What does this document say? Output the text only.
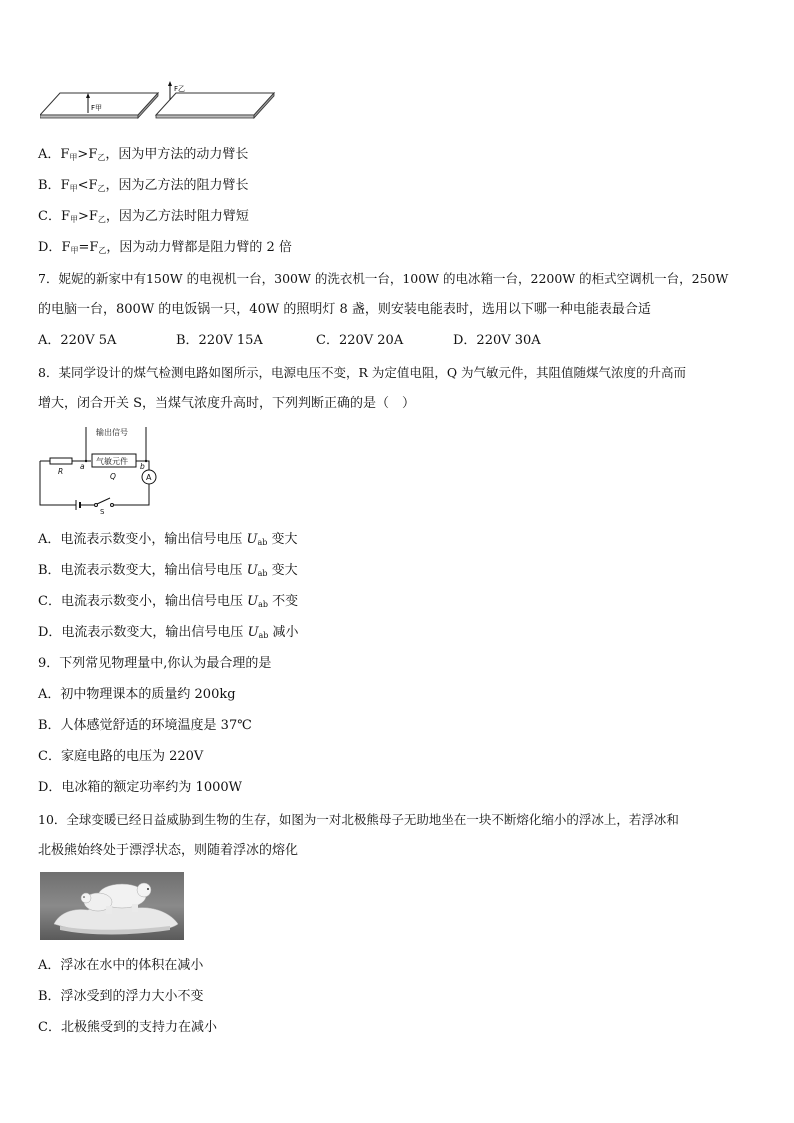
F甲
F乙
A．$F_甲>F_乙$，因为甲方法的动力臂长
B．$F_甲<F_乙$，因为乙方法的阻力臂长
C．$F_甲>F_乙$，因为乙方法时阻力臂短
D．$F_甲=F_乙$，因为动力臂都是阻力臂的 2 倍
7．妮妮的新家中有150W 的电视机一台，300W 的洗衣机一台，100W 的电冰箱一台，2200W 的柜式空调机一台，250W
的电脑一台，800W 的电饭锅一只，40W 的照明灯 8 盏，则安装电能表时，选用以下哪一种电能表最合适
A．220V 5A	B．220V 15A	C．220V 20A	D．220V 30A
8．某同学设计的煤气检测电路如图所示，电源电压不变，R 为定值电阻，Q 为气敏元件，其阻值随煤气浓度的升高而
增大，闭合开关 S，当煤气浓度升高时，下列判断正确的是（　）
输出信号
气敏元件
R
a	b
Q	A
S
A．电流表示数变小，输出信号电压 $U_{ab}$ 变大
B．电流表示数变大，输出信号电压 $U_{ab}$ 变大
C．电流表示数变小，输出信号电压 $U_{ab}$ 不变
D．电流表示数变大，输出信号电压 $U_{ab}$ 减小
9．下列常见物理量中,你认为最合理的是
A．初中物理课本的质量约 200kg
B．人体感觉舒适的环境温度是 37℃
C．家庭电路的电压为 220V
D．电冰箱的额定功率约为 1000W
10．全球变暖已经日益威胁到生物的生存，如图为一对北极熊母子无助地坐在一块不断熔化缩小的浮冰上，若浮冰和
北极熊始终处于漂浮状态，则随着浮冰的熔化
A．浮冰在水中的体积在减小
B．浮冰受到的浮力大小不变
C．北极熊受到的支持力在减小
